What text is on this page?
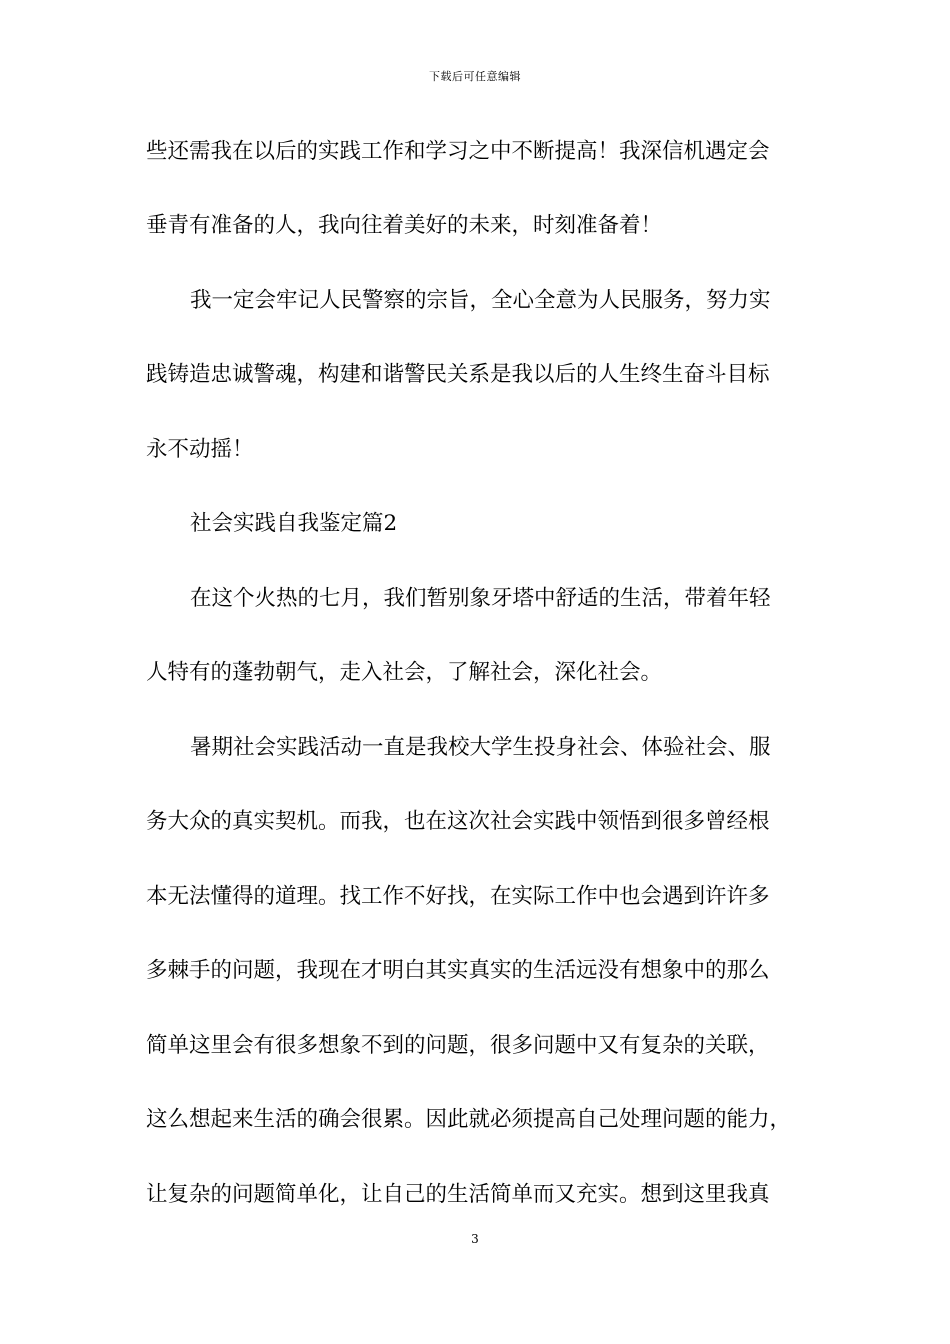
下载后可任意编辑
些还需我在以后的实践工作和学习之中不断提高！我深信机遇定会
垂青有准备的人，我向往着美好的未来，时刻准备着！
我一定会牢记人民警察的宗旨，全心全意为人民服务，努力实
践铸造忠诚警魂，构建和谐警民关系是我以后的人生终生奋斗目标
永不动摇！
社会实践自我鉴定篇2
在这个火热的七月，我们暂别象牙塔中舒适的生活，带着年轻
人特有的蓬勃朝气，走入社会，了解社会，深化社会。
暑期社会实践活动一直是我校大学生投身社会、体验社会、服
务大众的真实契机。而我，也在这次社会实践中领悟到很多曾经根
本无法懂得的道理。找工作不好找，在实际工作中也会遇到许许多
多棘手的问题，我现在才明白其实真实的生活远没有想象中的那么
简单这里会有很多想象不到的问题，很多问题中又有复杂的关联，
这么想起来生活的确会很累。因此就必须提高自己处理问题的能力，
让复杂的问题简单化，让自己的生活简单而又充实。想到这里我真
3
